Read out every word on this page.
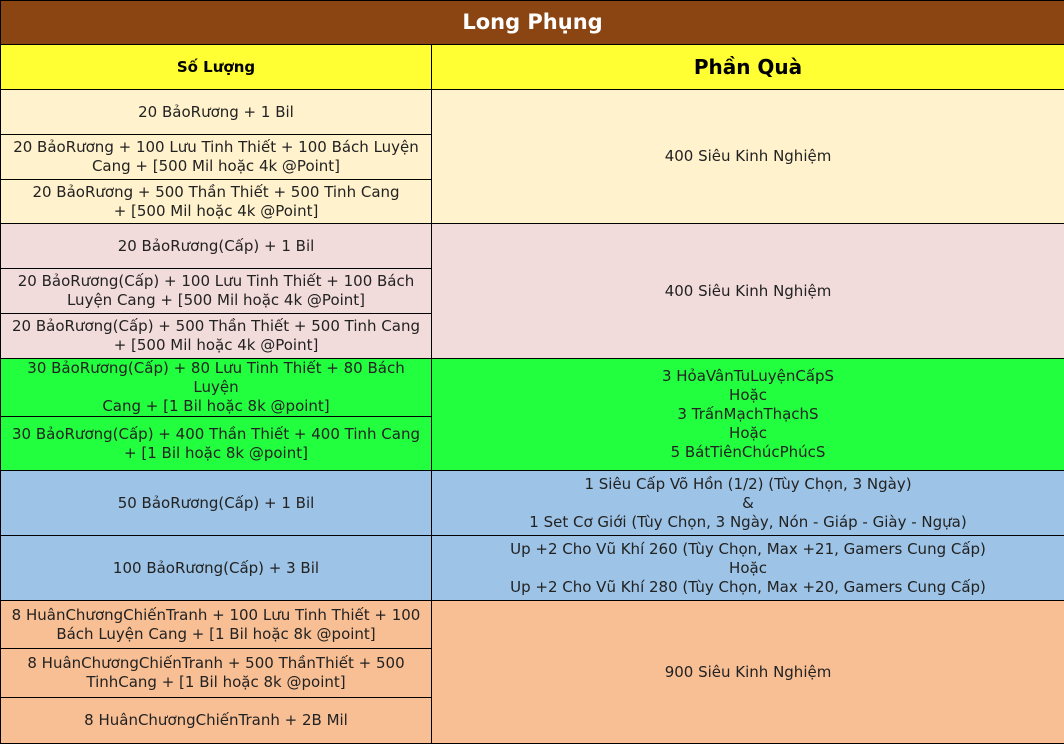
Long Phụng	
Số Lượng	Phần Quà

20 BảoRương + 1 Bil	400 Siêu Kinh Nghiệm

20 BảoRương + 100 Lưu Tinh Thiết + 100 Bách Luyện
Cang + [500 Mil hoặc 4k @Point]	

20 BảoRương + 500 Thần Thiết + 500 Tinh Cang
+ [500 Mil hoặc 4k @Point]	

20 BảoRương(Cấp) + 1 Bil	400 Siêu Kinh Nghiệm

20 BảoRương(Cấp) + 100 Lưu Tinh Thiết + 100 Bách
Luyện Cang + [500 Mil hoặc 4k @Point]	

20 BảoRương(Cấp) + 500 Thần Thiết + 500 Tinh Cang
+ [500 Mil hoặc 4k @Point]	

30 BảoRương(Cấp) + 80 Lưu Tinh Thiết + 80 Bách Luyện
Cang + [1 Bil hoặc 8k @point]	3 HỏaVânTuLuyệnCấpS
Hoặc
3 TrấnMạchThạchS
Hoặc
5 BátTiênChúcPhúcS

30 BảoRương(Cấp) + 400 Thần Thiết + 400 Tinh Cang
+ [1 Bil hoặc 8k @point]	

50 BảoRương(Cấp) + 1 Bil	1 Siêu Cấp Võ Hồn (1/2) (Tùy Chọn, 3 Ngày)
&
1 Set Cơ Giới (Tùy Chọn, 3 Ngày, Nón - Giáp - Giày - Ngựa)

100 BảoRương(Cấp) + 3 Bil	Up +2 Cho Vũ Khí 260 (Tùy Chọn, Max +21, Gamers Cung Cấp)
Hoặc
Up +2 Cho Vũ Khí 280 (Tùy Chọn, Max +20, Gamers Cung Cấp)

8 HuânChươngChiếnTranh + 100 Lưu Tinh Thiết + 100
Bách Luyện Cang + [1 Bil hoặc 8k @point]	900 Siêu Kinh Nghiệm

8 HuânChươngChiếnTranh + 500 ThầnThiết + 500
TinhCang + [1 Bil hoặc 8k @point]	

8 HuânChươngChiếnTranh + 2B Mil	
